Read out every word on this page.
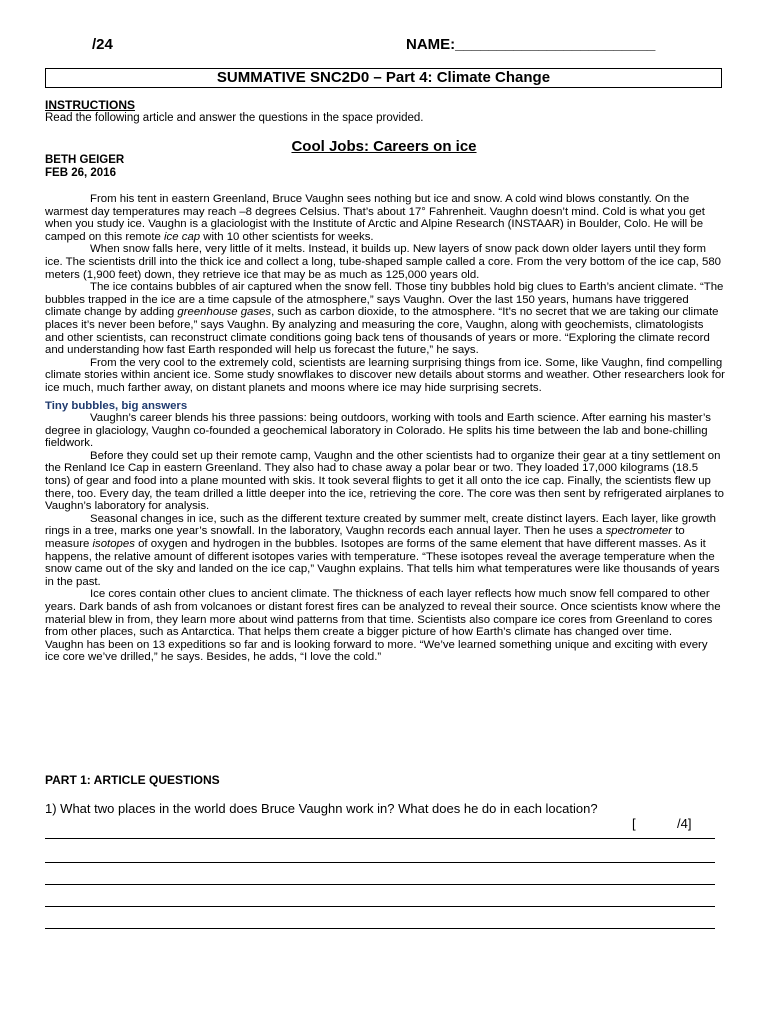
/24	NAME:________________________
SUMMATIVE SNC2D0 – Part 4: Climate Change
INSTRUCTIONS
Read the following article and answer the questions in the space provided.
Cool Jobs: Careers on ice
BETH GEIGER
FEB 26, 2016

From his tent in eastern Greenland, Bruce Vaughn sees nothing but ice and snow. A cold wind blows constantly. On the warmest day temperatures may reach –8 degrees Celsius. That’s about 17° Fahrenheit. Vaughn doesn’t mind. Cold is what you get when you study ice. Vaughn is a glaciologist with the Institute of Arctic and Alpine Research (INSTAAR) in Boulder, Colo. He will be camped on this remote ice cap with 10 other scientists for weeks.

When snow falls here, very little of it melts. Instead, it builds up. New layers of snow pack down older layers until they form ice. The scientists drill into the thick ice and collect a long, tube-shaped sample called a core. From the very bottom of the ice cap, 580 meters (1,900 feet) down, they retrieve ice that may be as much as 125,000 years old.

The ice contains bubbles of air captured when the snow fell. Those tiny bubbles hold big clues to Earth’s ancient climate. “The bubbles trapped in the ice are a time capsule of the atmosphere,” says Vaughn. Over the last 150 years, humans have triggered climate change by adding greenhouse gases, such as carbon dioxide, to the atmosphere. “It’s no secret that we are taking our climate places it’s never been before,” says Vaughn. By analyzing and measuring the core, Vaughn, along with geochemists, climatologists and other scientists, can reconstruct climate conditions going back tens of thousands of years or more. “Exploring the climate record and understanding how fast Earth responded will help us forecast the future,” he says.

From the very cool to the extremely cold, scientists are learning surprising things from ice. Some, like Vaughn, find compelling climate stories within ancient ice. Some study snowflakes to discover new details about storms and weather. Other researchers look for ice much, much farther away, on distant planets and moons where ice may hide surprising secrets.

Tiny bubbles, big answers

Vaughn’s career blends his three passions: being outdoors, working with tools and Earth science. After earning his master’s degree in glaciology, Vaughn co-founded a geochemical laboratory in Colorado. He splits his time between the lab and bone-chilling fieldwork.

Before they could set up their remote camp, Vaughn and the other scientists had to organize their gear at a tiny settlement on the Renland Ice Cap in eastern Greenland. They also had to chase away a polar bear or two. They loaded 17,000 kilograms (18.5 tons) of gear and food into a plane mounted with skis. It took several flights to get it all onto the ice cap. Finally, the scientists flew up there, too. Every day, the team drilled a little deeper into the ice, retrieving the core. The core was then sent by refrigerated airplanes to Vaughn’s laboratory for analysis.

Seasonal changes in ice, such as the different texture created by summer melt, create distinct layers. Each layer, like growth rings in a tree, marks one year’s snowfall. In the laboratory, Vaughn records each annual layer. Then he uses a spectrometer to measure isotopes of oxygen and hydrogen in the bubbles. Isotopes are forms of the same element that have different masses. As it happens, the relative amount of different isotopes varies with temperature. “These isotopes reveal the average temperature when the snow came out of the sky and landed on the ice cap,” Vaughn explains. That tells him what temperatures were like thousands of years in the past.

Ice cores contain other clues to ancient climate. The thickness of each layer reflects how much snow fell compared to other years. Dark bands of ash from volcanoes or distant forest fires can be analyzed to reveal their source. Once scientists know where the material blew in from, they learn more about wind patterns from that time. Scientists also compare ice cores from Greenland to cores from other places, such as Antarctica. That helps them create a bigger picture of how Earth’s climate has changed over time.

Vaughn has been on 13 expeditions so far and is looking forward to more. “We’ve learned something unique and exciting with every ice core we’ve drilled,” he says. Besides, he adds, “I love the cold.”

PART 1: ARTICLE QUESTIONS
1) What two places in the world does Bruce Vaughn work in? What does he do in each location?
[	/4]
